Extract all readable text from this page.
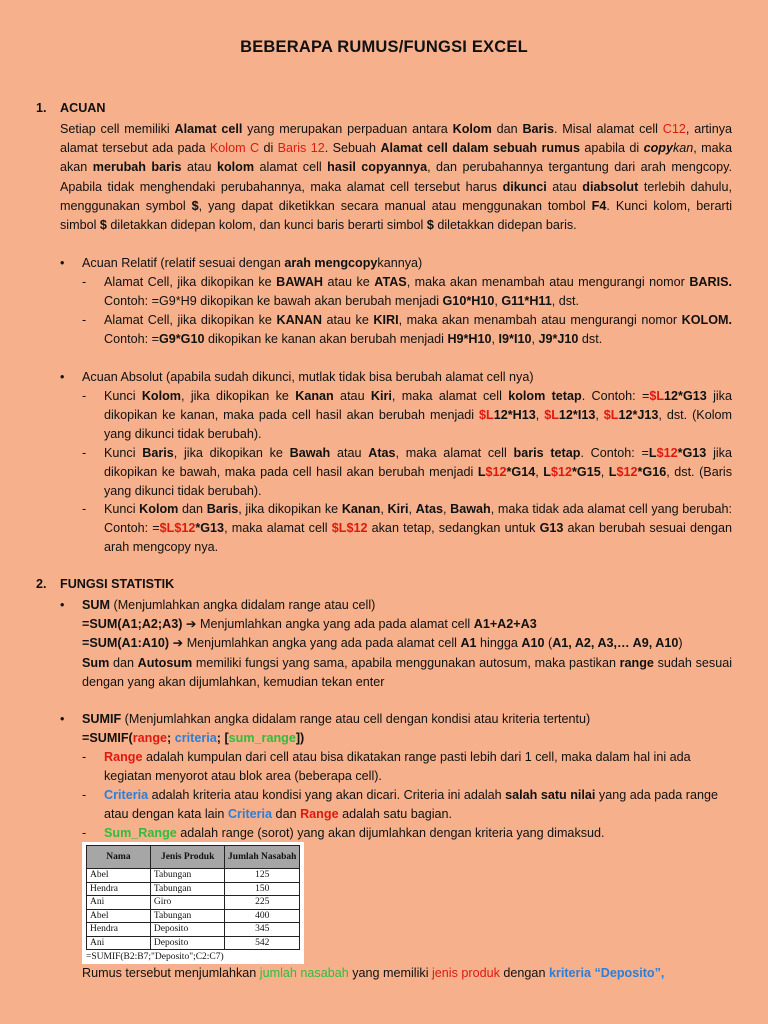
BEBERAPA RUMUS/FUNGSI EXCEL
1. ACUAN
Setiap cell memiliki Alamat cell yang merupakan perpaduan antara Kolom dan Baris. Misal alamat cell C12, artinya alamat tersebut ada pada Kolom C di Baris 12. Sebuah Alamat cell dalam sebuah rumus apabila di copykan, maka akan merubah baris atau kolom alamat cell hasil copyannya, dan perubahannya tergantung dari arah mengcopy. Apabila tidak menghendaki perubahannya, maka alamat cell tersebut harus dikunci atau diabsolut terlebih dahulu, menggunakan symbol $, yang dapat diketikkan secara manual atau menggunakan tombol F4. Kunci kolom, berarti simbol $ diletakkan didepan kolom, dan kunci baris berarti simbol $ diletakkan didepan baris.
•	Acuan Relatif (relatif sesuai dengan arah mengcopykannya)
- Alamat Cell, jika dikopikan ke BAWAH atau ke ATAS, maka akan menambah atau mengurangi nomor BARIS. Contoh: =G9*H9 dikopikan ke bawah akan berubah menjadi G10*H10, G11*H11, dst.
- Alamat Cell, jika dikopikan ke KANAN atau ke KIRI, maka akan menambah atau mengurangi nomor KOLOM. Contoh: =G9*G10 dikopikan ke kanan akan berubah menjadi H9*H10, I9*I10, J9*J10 dst.
•	Acuan Absolut (apabila sudah dikunci, mutlak tidak bisa berubah alamat cell nya)
- Kunci Kolom, jika dikopikan ke Kanan atau Kiri, maka alamat cell kolom tetap. Contoh: =$L12*G13 jika dikopikan ke kanan, maka pada cell hasil akan berubah menjadi $L12*H13, $L12*I13, $L12*J13, dst. (Kolom yang dikunci tidak berubah).
- Kunci Baris, jika dikopikan ke Bawah atau Atas, maka alamat cell baris tetap. Contoh: =L$12*G13 jika dikopikan ke bawah, maka pada cell hasil akan berubah menjadi L$12*G14, L$12*G15, L$12*G16, dst. (Baris yang dikunci tidak berubah).
- Kunci Kolom dan Baris, jika dikopikan ke Kanan, Kiri, Atas, Bawah, maka tidak ada alamat cell yang berubah: Contoh: =$L$12*G13, maka alamat cell $L$12 akan tetap, sedangkan untuk G13 akan berubah sesuai dengan arah mengcopy nya.
2. FUNGSI STATISTIK
•	SUM (Menjumlahkan angka didalam range atau cell)
=SUM(A1;A2;A3) ➔ Menjumlahkan angka yang ada pada alamat cell A1+A2+A3
=SUM(A1:A10) ➔ Menjumlahkan angka yang ada pada alamat cell A1 hingga A10 (A1, A2, A3,… A9, A10)
Sum dan Autosum memiliki fungsi yang sama, apabila menggunakan autosum, maka pastikan range sudah sesuai dengan yang akan dijumlahkan, kemudian tekan enter
•	SUMIF (Menjumlahkan angka didalam range atau cell dengan kondisi atau kriteria tertentu)
=SUMIF(range; criteria; [sum_range])
- Range adalah kumpulan dari cell atau bisa dikatakan range pasti lebih dari 1 cell, maka dalam hal ini ada kegiatan menyorot atau blok area (beberapa cell).
- Criteria adalah kriteria atau kondisi yang akan dicari. Criteria ini adalah salah satu nilai yang ada pada range atau dengan kata lain Criteria dan Range adalah satu bagian.
- Sum_Range adalah range (sorot) yang akan dijumlahkan dengan kriteria yang dimaksud.
Nama	Jenis Produk	Jumlah Nasabah
Abel	Tabungan	125
Hendra	Tabungan	150
Ani	Giro	225
Abel	Tabungan	400
Hendra	Deposito	345
Ani	Deposito	542
=SUMIF(B2:B7;"Deposito";C2:C7)
Rumus tersebut menjumlahkan jumlah nasabah yang memiliki jenis produk dengan kriteria “Deposito”,
